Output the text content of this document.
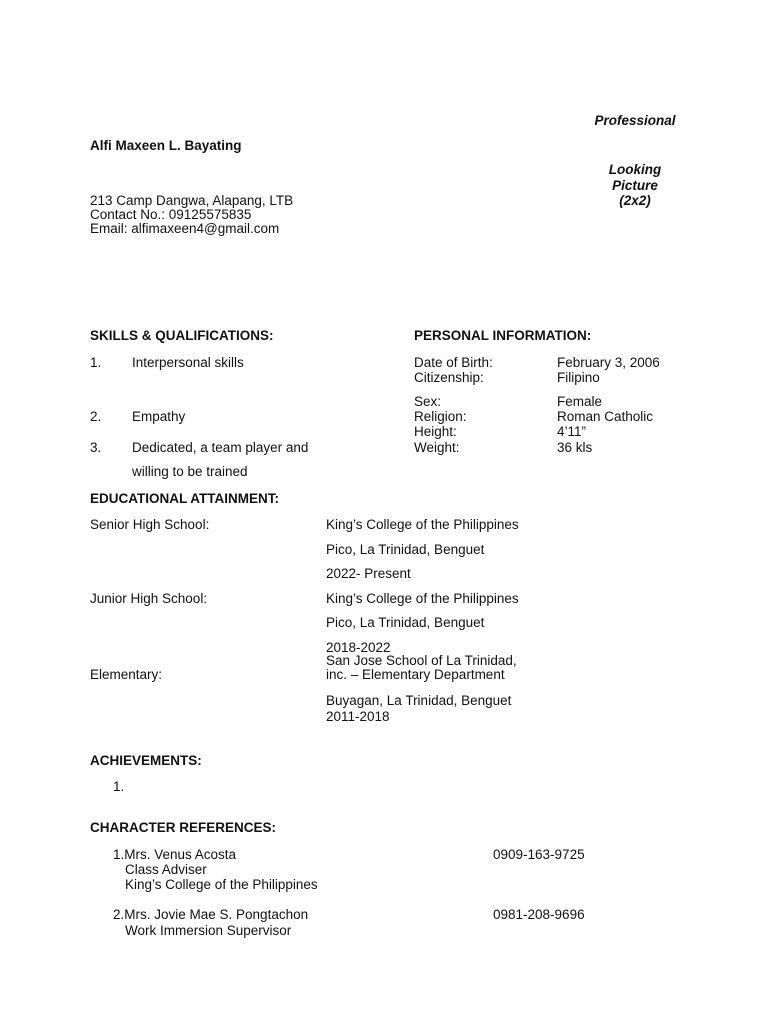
Professional
Looking
Picture
(2x2)
Alfi Maxeen L. Bayating
213 Camp Dangwa, Alapang, LTB
Contact No.: 09125575835
Email: alfimaxeen4@gmail.com
SKILLS & QUALIFICATIONS:
1. Interpersonal skills
2. Empathy
3. Dedicated, a team player and
willing to be trained
PERSONAL INFORMATION:
Date of Birth:	February 3, 2006
Citizenship:	Filipino
Sex:	Female
Religion:	Roman Catholic
Height:	4’11”
Weight:	36 kls
EDUCATIONAL ATTAINMENT:
Senior High School:	King’s College of the Philippines
Pico, La Trinidad, Benguet
2022- Present
Junior High School:	King’s College of the Philippines
Pico, La Trinidad, Benguet
2018-2022
San Jose School of La Trinidad,
Elementary:	inc. – Elementary Department
Buyagan, La Trinidad, Benguet
2011-2018
ACHIEVEMENTS:
1.
CHARACTER REFERENCES:
1.Mrs. Venus Acosta	0909-163-9725
Class Adviser
King’s College of the Philippines
2.Mrs. Jovie Mae S. Pongtachon	0981-208-9696
Work Immersion Supervisor
